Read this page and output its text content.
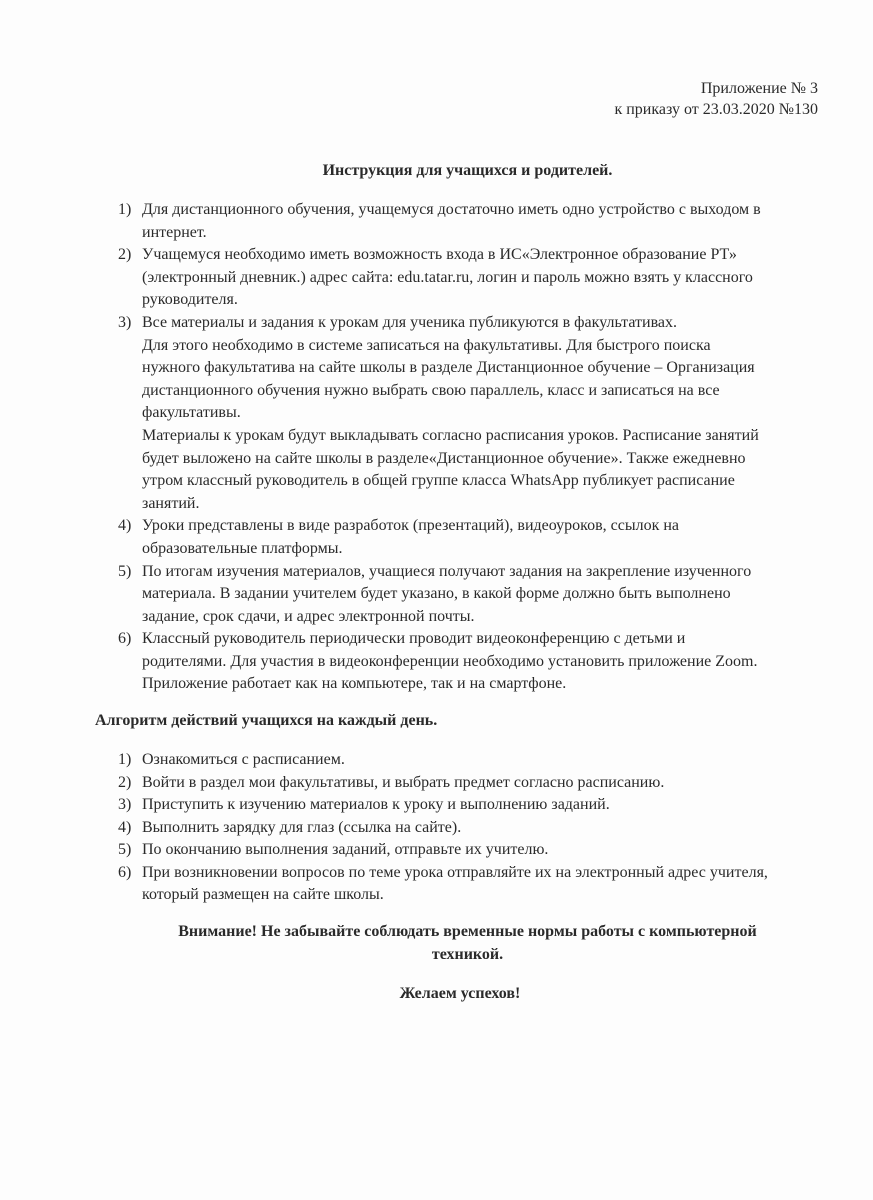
Приложение № 3
к приказу от 23.03.2020 №130
Инструкция для учащихся и родителей.
1) Для дистанционного обучения, учащемуся достаточно иметь одно устройство с выходом в
интернет.
2) Учащемуся необходимо иметь возможность входа в ИС«Электронное образование РТ»
(электронный дневник.) адрес сайта: edu.tatar.ru, логин и пароль можно взять у классного
руководителя.
3) Все материалы и задания к урокам для ученика публикуются в факультативах.
Для этого необходимо в системе записаться на факультативы. Для быстрого поиска
нужного факультатива на сайте школы в разделе Дистанционное обучение – Организация
дистанционного обучения нужно выбрать свою параллель, класс и записаться на все
факультативы.
Материалы к урокам будут выкладывать согласно расписания уроков. Расписание занятий
будет выложено на сайте школы в разделе«Дистанционное обучение». Также ежедневно
утром классный руководитель в общей группе класса WhatsApp публикует расписание
занятий.
4) Уроки представлены в виде разработок (презентаций), видеоуроков, ссылок на
образовательные платформы.
5) По итогам изучения материалов, учащиеся получают задания на закрепление изученного
материала. В задании учителем будет указано, в какой форме должно быть выполнено
задание, срок сдачи, и адрес электронной почты.
6) Классный руководитель периодически проводит видеоконференцию с детьми и
родителями. Для участия в видеоконференции необходимо установить приложение Zoom.
Приложение работает как на компьютере, так и на смартфоне.
Алгоритм действий учащихся на каждый день.
1) Ознакомиться с расписанием.
2) Войти в раздел мои факультативы, и выбрать предмет согласно расписанию.
3) Приступить к изучению материалов к уроку и выполнению заданий.
4) Выполнить зарядку для глаз (ссылка на сайте).
5) По окончанию выполнения заданий, отправьте их учителю.
6) При возникновении вопросов по теме урока отправляйте их на электронный адрес учителя,
который размещен на сайте школы.
Внимание! Не забывайте соблюдать временные нормы работы с компьютерной
техникой.
Желаем успехов!
